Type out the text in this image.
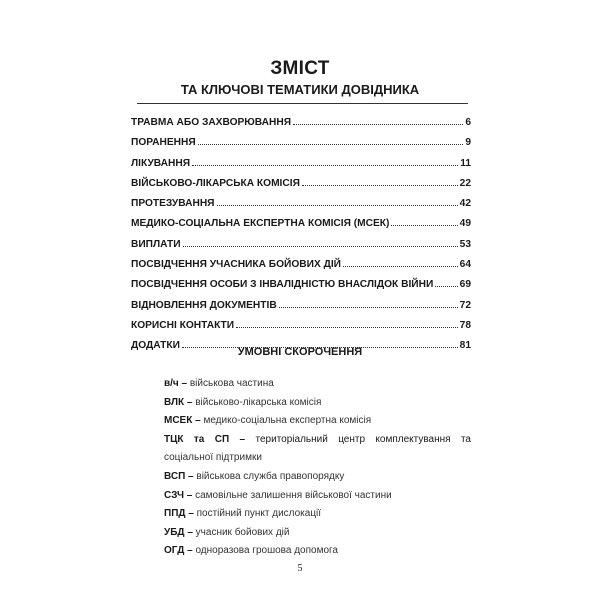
ЗМІСТ
ТА КЛЮЧОВІ ТЕМАТИКИ ДОВІДНИКА
ТРАВМА АБО ЗАХВОРЮВАННЯ	6
ПОРАНЕННЯ	9
ЛІКУВАННЯ	11
ВІЙСЬКОВО-ЛІКАРСЬКА КОМІСІЯ	22
ПРОТЕЗУВАННЯ	42
МЕДИКО-СОЦІАЛЬНА ЕКСПЕРТНА КОМІСІЯ (МСЕК)	49
ВИПЛАТИ	53
ПОСВІДЧЕННЯ УЧАСНИКА БОЙОВИХ ДІЙ	64
ПОСВІДЧЕННЯ ОСОБИ З ІНВАЛІДНІСТЮ ВНАСЛІДОК ВІЙНИ	69
ВІДНОВЛЕННЯ ДОКУМЕНТІВ	72
КОРИСНІ КОНТАКТИ	78
ДОДАТКИ	81
УМОВНІ СКОРОЧЕННЯ
в/ч – військова частина
ВЛК – військово-лікарська комісія
МСЕК – медико-соціальна експертна комісія
ТЦК та СП – територіальний центр комплектування та
соціальної підтримки
ВСП – військова служба правопорядку
СЗЧ – самовільне залишення військової частини
ППД – постійний пункт дислокації
УБД – учасник бойових дій
ОГД – одноразова грошова допомога
5
